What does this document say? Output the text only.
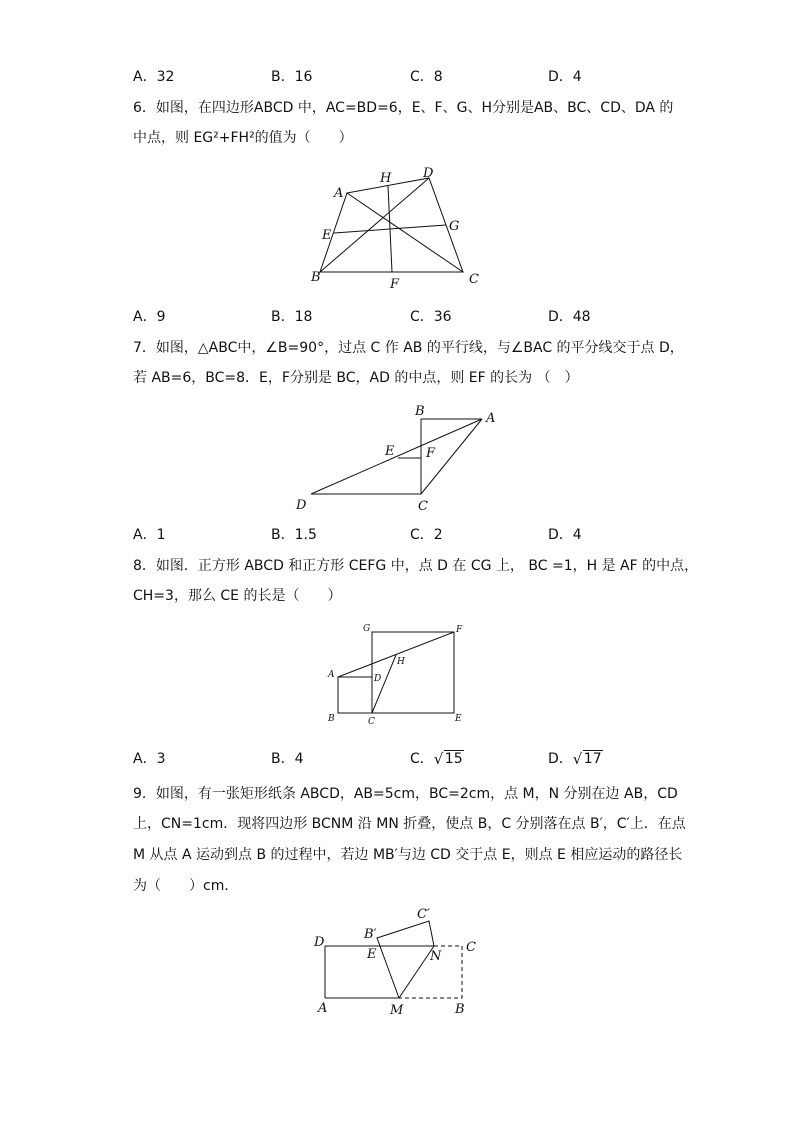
A．32	B．16	C．8	D．4
6．如图，在四边形ABCD 中，AC=BD=6，E、F、G、H分别是AB、BC、CD、DA 的
中点，则 EG²+FH²的值为（　　）
A
B	C
D
E
F
G
H
A．9	B．18	C．36	D．48
7．如图，△ABC中，∠B=90°，过点 C 作 AB 的平行线，与∠BAC 的平分线交于点 D，
若 AB=6，BC=8．E，F分别是 BC，AD 的中点，则 EF 的长为 （　）
A
B
C
D
E F
A．1	B．1.5	C．2	D．4
8．如图．正方形 ABCD 和正方形 CEFG 中，点 D 在 CG 上， BC =1，H 是 AF 的中点，
CH=3，那么 CE 的长是（　　）
A
B	C
D
E
F
G
H
A．3	B．4	C． √ 15	D． √ 17
9．如图，有一张矩形纸条 ABCD，AB=5cm，BC=2cm，点 M，N 分别在边 AB，CD
上，CN=1cm．现将四边形 BCNM 沿 MN 折叠，使点 B，C 分别落在点 B′，C′上．在点
M 从点 A 运动到点 B 的过程中，若边 MB′与边 CD 交于点 E，则点 E 相应运动的路径长
为（　　）cm．
D
A
C
B
M
N
E
B′
C′
